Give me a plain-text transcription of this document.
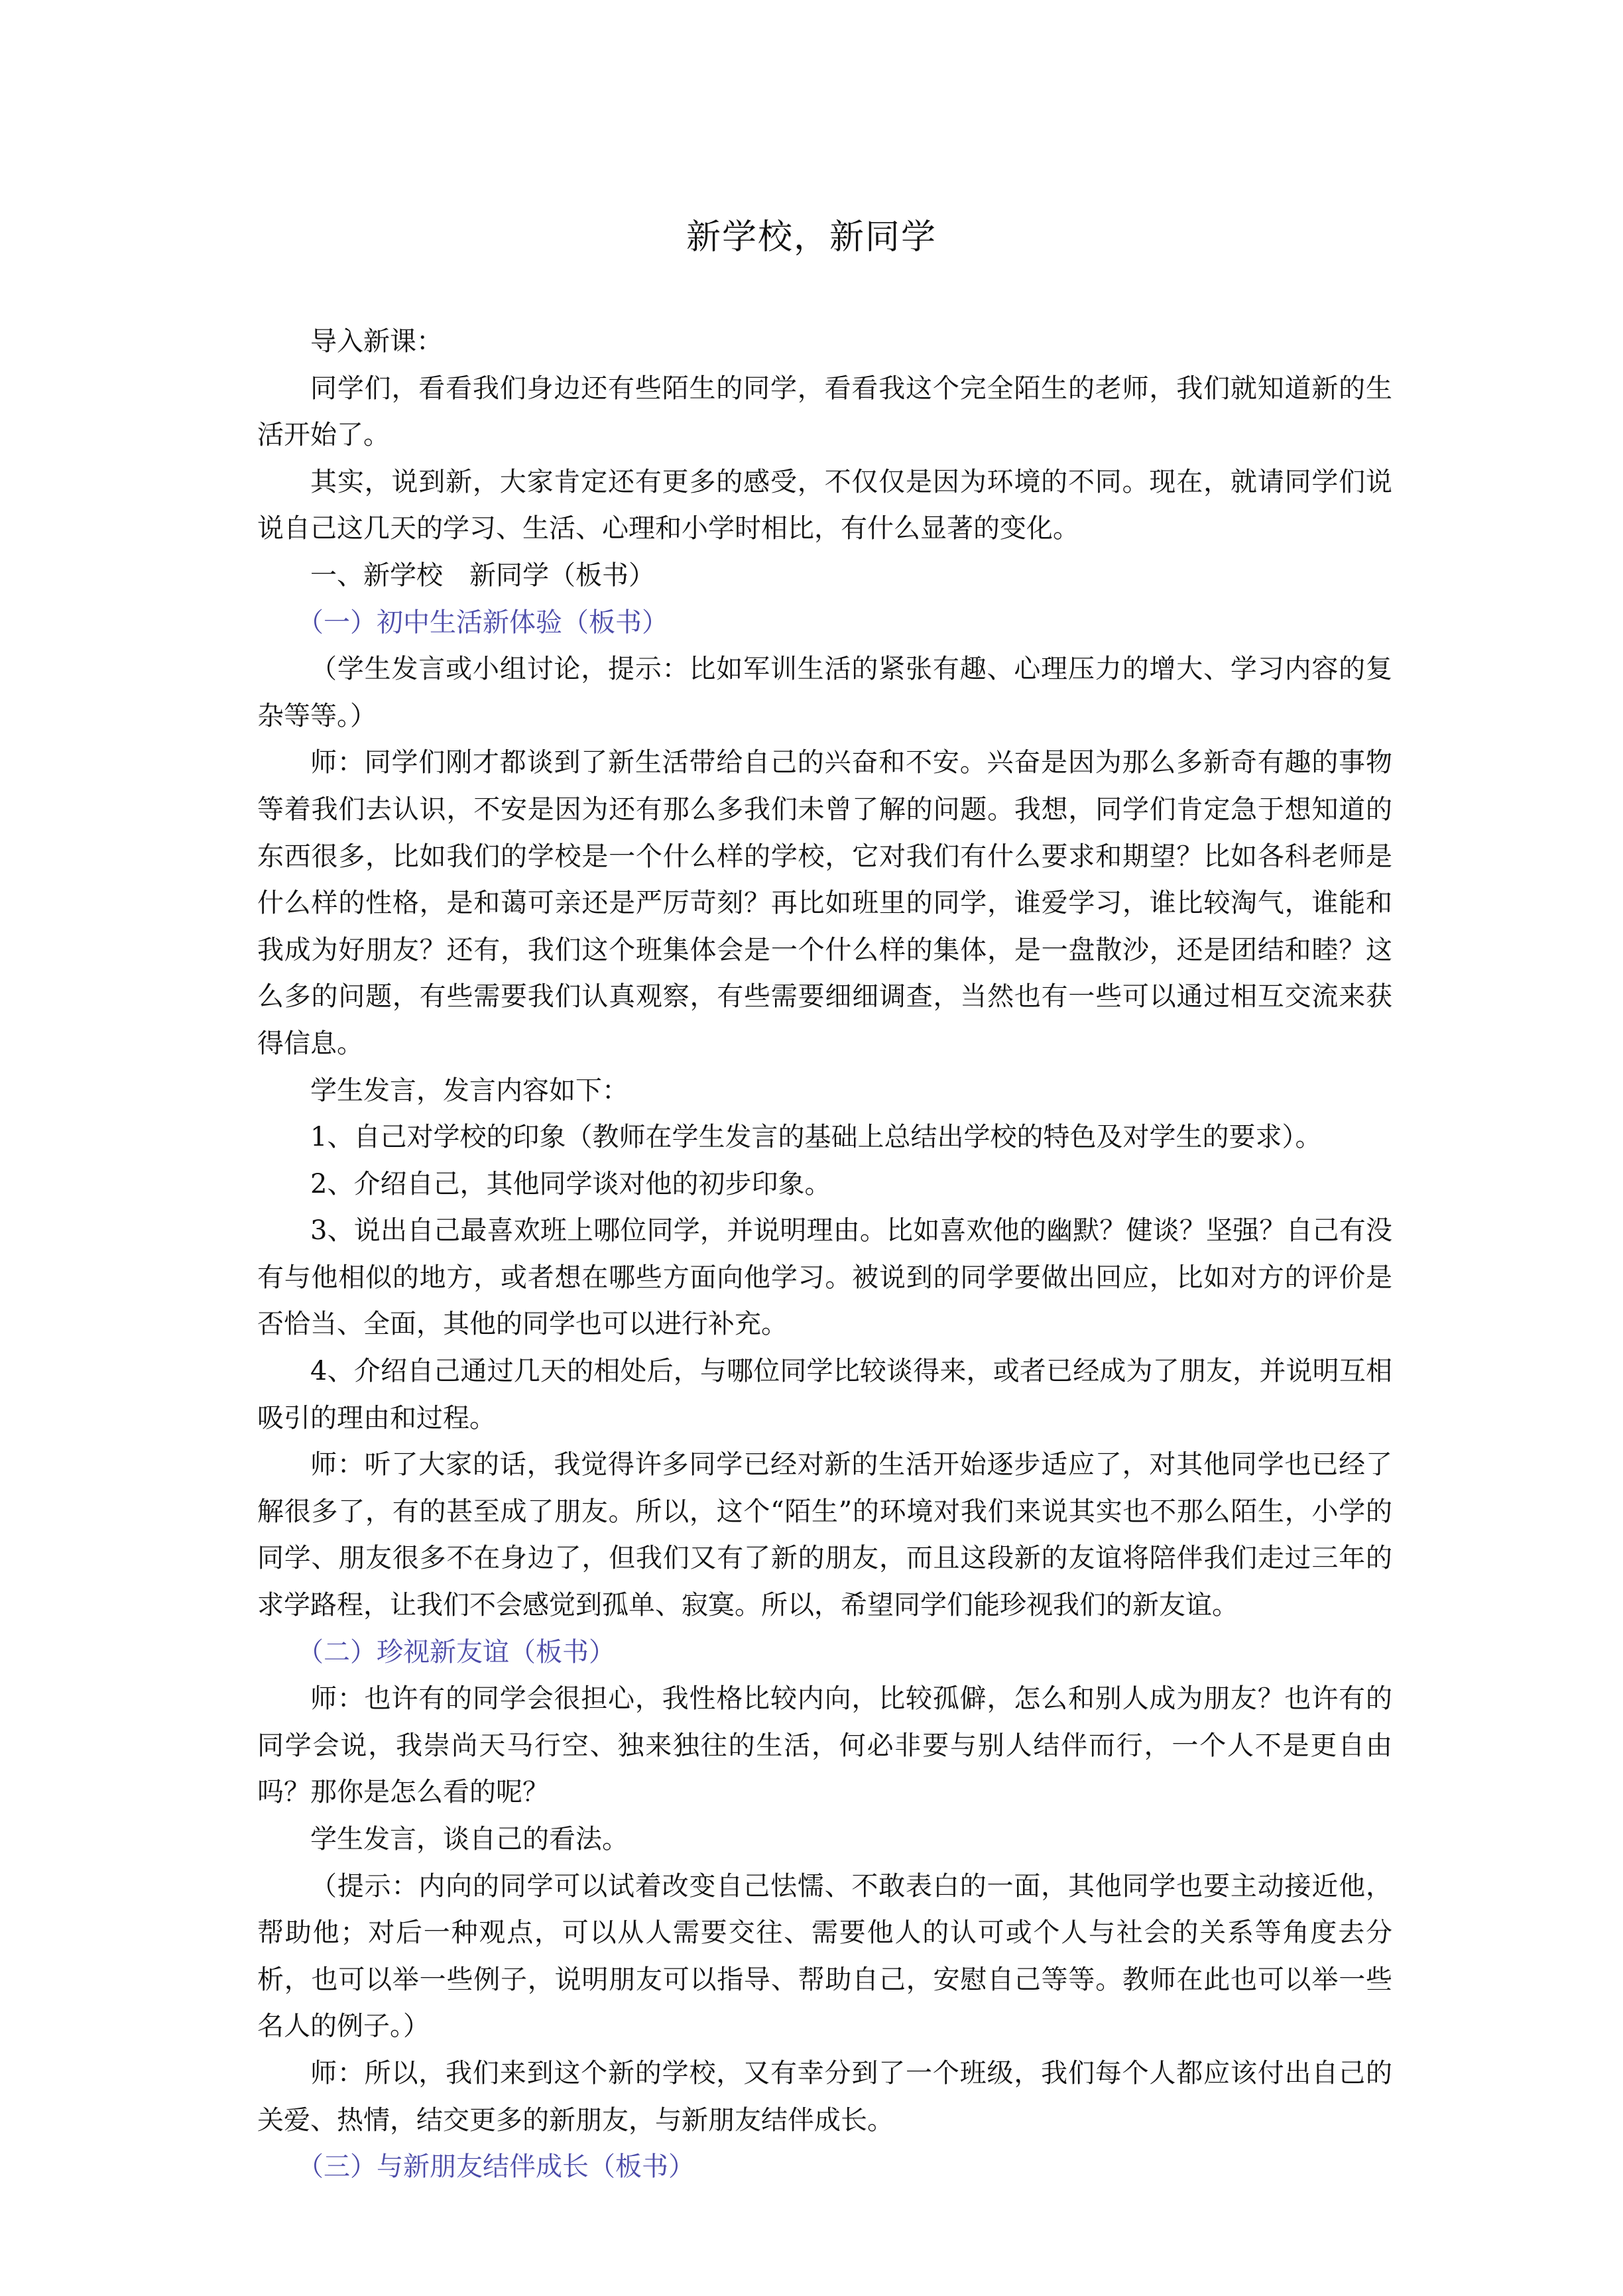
新学校，新同学

导入新课：

同学们，看看我们身边还有些陌生的同学，看看我这个完全陌生的老师，我们就知道新的生活开始了。

其实，说到新，大家肯定还有更多的感受，不仅仅是因为环境的不同。现在，就请同学们说说自己这几天的学习、生活、心理和小学时相比，有什么显著的变化。

一、新学校　新同学（板书）

（一）初中生活新体验（板书）

（学生发言或小组讨论，提示：比如军训生活的紧张有趣、心理压力的增大、学习内容的复杂等等。）

师：同学们刚才都谈到了新生活带给自己的兴奋和不安。兴奋是因为那么多新奇有趣的事物等着我们去认识，不安是因为还有那么多我们未曾了解的问题。我想，同学们肯定急于想知道的东西很多，比如我们的学校是一个什么样的学校，它对我们有什么要求和期望？比如各科老师是什么样的性格，是和蔼可亲还是严厉苛刻？再比如班里的同学，谁爱学习，谁比较淘气，谁能和我成为好朋友？还有，我们这个班集体会是一个什么样的集体，是一盘散沙，还是团结和睦？这么多的问题，有些需要我们认真观察，有些需要细细调查，当然也有一些可以通过相互交流来获得信息。

学生发言，发言内容如下：

1、自己对学校的印象（教师在学生发言的基础上总结出学校的特色及对学生的要求）。

2、介绍自己，其他同学谈对他的初步印象。

3、说出自己最喜欢班上哪位同学，并说明理由。比如喜欢他的幽默？健谈？坚强？自己有没有与他相似的地方，或者想在哪些方面向他学习。被说到的同学要做出回应，比如对方的评价是否恰当、全面，其他的同学也可以进行补充。

4、介绍自己通过几天的相处后，与哪位同学比较谈得来，或者已经成为了朋友，并说明互相吸引的理由和过程。

师：听了大家的话，我觉得许多同学已经对新的生活开始逐步适应了，对其他同学也已经了解很多了，有的甚至成了朋友。所以，这个“陌生”的环境对我们来说其实也不那么陌生，小学的同学、朋友很多不在身边了，但我们又有了新的朋友，而且这段新的友谊将陪伴我们走过三年的求学路程，让我们不会感觉到孤单、寂寞。所以，希望同学们能珍视我们的新友谊。

（二）珍视新友谊（板书）

师：也许有的同学会很担心，我性格比较内向，比较孤僻，怎么和别人成为朋友？也许有的同学会说，我崇尚天马行空、独来独往的生活，何必非要与别人结伴而行，一个人不是更自由吗？那你是怎么看的呢？

学生发言，谈自己的看法。

（提示：内向的同学可以试着改变自己怯懦、不敢表白的一面，其他同学也要主动接近他，帮助他；对后一种观点，可以从人需要交往、需要他人的认可或个人与社会的关系等角度去分析，也可以举一些例子，说明朋友可以指导、帮助自己，安慰自己等等。教师在此也可以举一些名人的例子。）

师：所以，我们来到这个新的学校，又有幸分到了一个班级，我们每个人都应该付出自己的关爱、热情，结交更多的新朋友，与新朋友结伴成长。

（三）与新朋友结伴成长（板书）
